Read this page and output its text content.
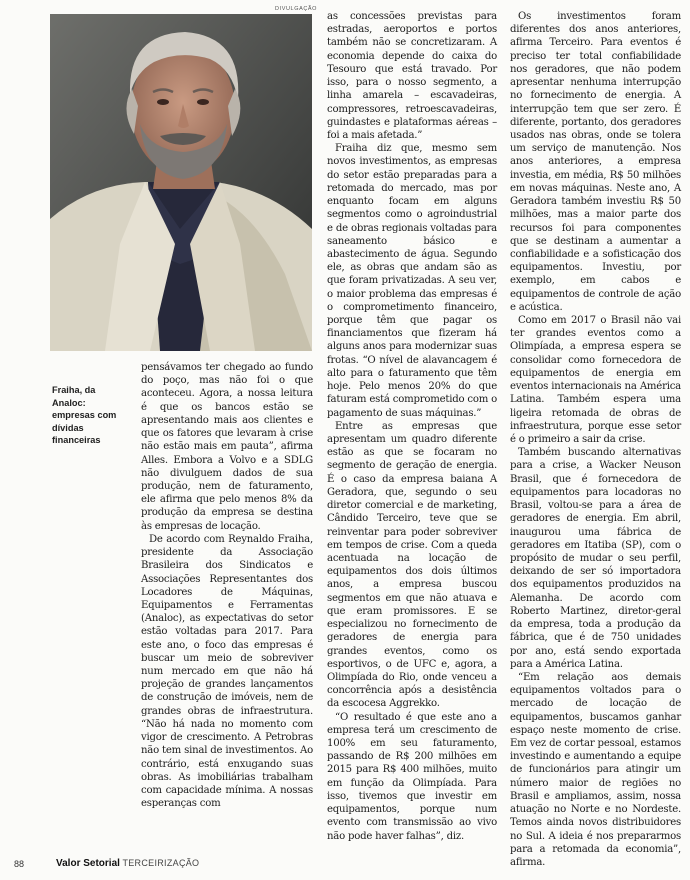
DIVULGAÇÃO
Fraiha, da Analoc: empresas com dívidas financeiras

pensávamos ter chegado ao fundo do poço, mas não foi o que aconteceu. Agora, a nossa leitura é que os bancos estão se apresentando mais aos clientes e que os fatores que levaram à crise não estão mais em pauta”, afirma Alles. Embora a Volvo e a SDLG não divulguem dados de sua produção, nem de faturamento, ele afirma que pelo menos 8% da produção da empresa se destina às empresas de locação.

De acordo com Reynaldo Fraiha, presidente da Associação Brasileira dos Sindicatos e Associações Representantes dos Locadores de Máquinas, Equipamentos e Ferramentas (Analoc), as expectativas do setor estão voltadas para 2017. Para este ano, o foco das empresas é buscar um meio de sobreviver num mercado em que não há projeção de grandes lançamentos de construção de imóveis, nem de grandes obras de infraestrutura. “Não há nada no momento com vigor de crescimento. A Petrobras não tem sinal de investimentos. Ao contrário, está enxugando suas obras. As imobiliárias trabalham com capacidade mínima. A nossas esperanças com

as concessões previstas para estradas, aeroportos e portos também não se concretizaram. A economia depende do caixa do Tesouro que está travado. Por isso, para o nosso segmento, a linha amarela – escavadeiras, compressores, retroescavadeiras, guindastes e plataformas aéreas – foi a mais afetada.”

Fraiha diz que, mesmo sem novos investimentos, as empresas do setor estão preparadas para a retomada do mercado, mas por enquanto focam em alguns segmentos como o agroindustrial e de obras regionais voltadas para saneamento básico e abastecimento de água. Segundo ele, as obras que andam são as que foram privatizadas. A seu ver, o maior problema das empresas é o comprometimento financeiro, porque têm que pagar os financiamentos que fizeram há alguns anos para modernizar suas frotas. “O nível de alavancagem é alto para o faturamento que têm hoje. Pelo menos 20% do que faturam está comprometido com o pagamento de suas máquinas.”

Entre as empresas que apresentam um quadro diferente estão as que se focaram no segmento de geração de energia. É o caso da empresa baiana A Geradora, que, segundo o seu diretor comercial e de marketing, Cândido Terceiro, teve que se reinventar para poder sobreviver em tempos de crise. Com a queda acentuada na locação de equipamentos dos dois últimos anos, a empresa buscou segmentos em que não atuava e que eram promissores. E se especializou no fornecimento de geradores de energia para grandes eventos, como os esportivos, o de UFC e, agora, a Olimpíada do Rio, onde venceu a concorrência após a desistência da escocesa Aggrekko.

“O resultado é que este ano a empresa terá um crescimento de 100% em seu faturamento, passando de R$ 200 milhões em 2015 para R$ 400 milhões, muito em função da Olimpíada. Para isso, tivemos que investir em equipamentos, porque num evento com transmissão ao vivo não pode haver falhas”, diz.

Os investimentos foram diferentes dos anos anteriores, afirma Terceiro. Para eventos é preciso ter total confiabilidade nos geradores, que não podem apresentar nenhuma interrupção no fornecimento de energia. A interrupção tem que ser zero. É diferente, portanto, dos geradores usados nas obras, onde se tolera um serviço de manutenção. Nos anos anteriores, a empresa investia, em média, R$ 50 milhões em novas máquinas. Neste ano, A Geradora também investiu R$ 50 milhões, mas a maior parte dos recursos foi para componentes que se destinam a aumentar a confiabilidade e a sofisticação dos equipamentos. Investiu, por exemplo, em cabos e equipamentos de controle de ação e acústica.

Como em 2017 o Brasil não vai ter grandes eventos como a Olimpíada, a empresa espera se consolidar como fornecedora de equipamentos de energia em eventos internacionais na América Latina. Também espera uma ligeira retomada de obras de infraestrutura, porque esse setor é o primeiro a sair da crise.

Também buscando alternativas para a crise, a Wacker Neuson Brasil, que é fornecedora de equipamentos para locadoras no Brasil, voltou-se para a área de geradores de energia. Em abril, inaugurou uma fábrica de geradores em Itatiba (SP), com o propósito de mudar o seu perfil, deixando de ser só importadora dos equipamentos produzidos na Alemanha. De acordo com Roberto Martinez, diretor-geral da empresa, toda a produção da fábrica, que é de 750 unidades por ano, está sendo exportada para a América Latina.

“Em relação aos demais equipamentos voltados para o mercado de locação de equipamentos, buscamos ganhar espaço neste momento de crise. Em vez de cortar pessoal, estamos investindo e aumentando a equipe de funcionários para atingir um número maior de regiões no Brasil e ampliamos, assim, nossa atuação no Norte e no Nordeste. Temos ainda novos distribuidores no Sul. A ideia é nos prepararmos para a retomada da economia”, afirma.

88	Valor Setorial TERCEIRIZAÇÃO
